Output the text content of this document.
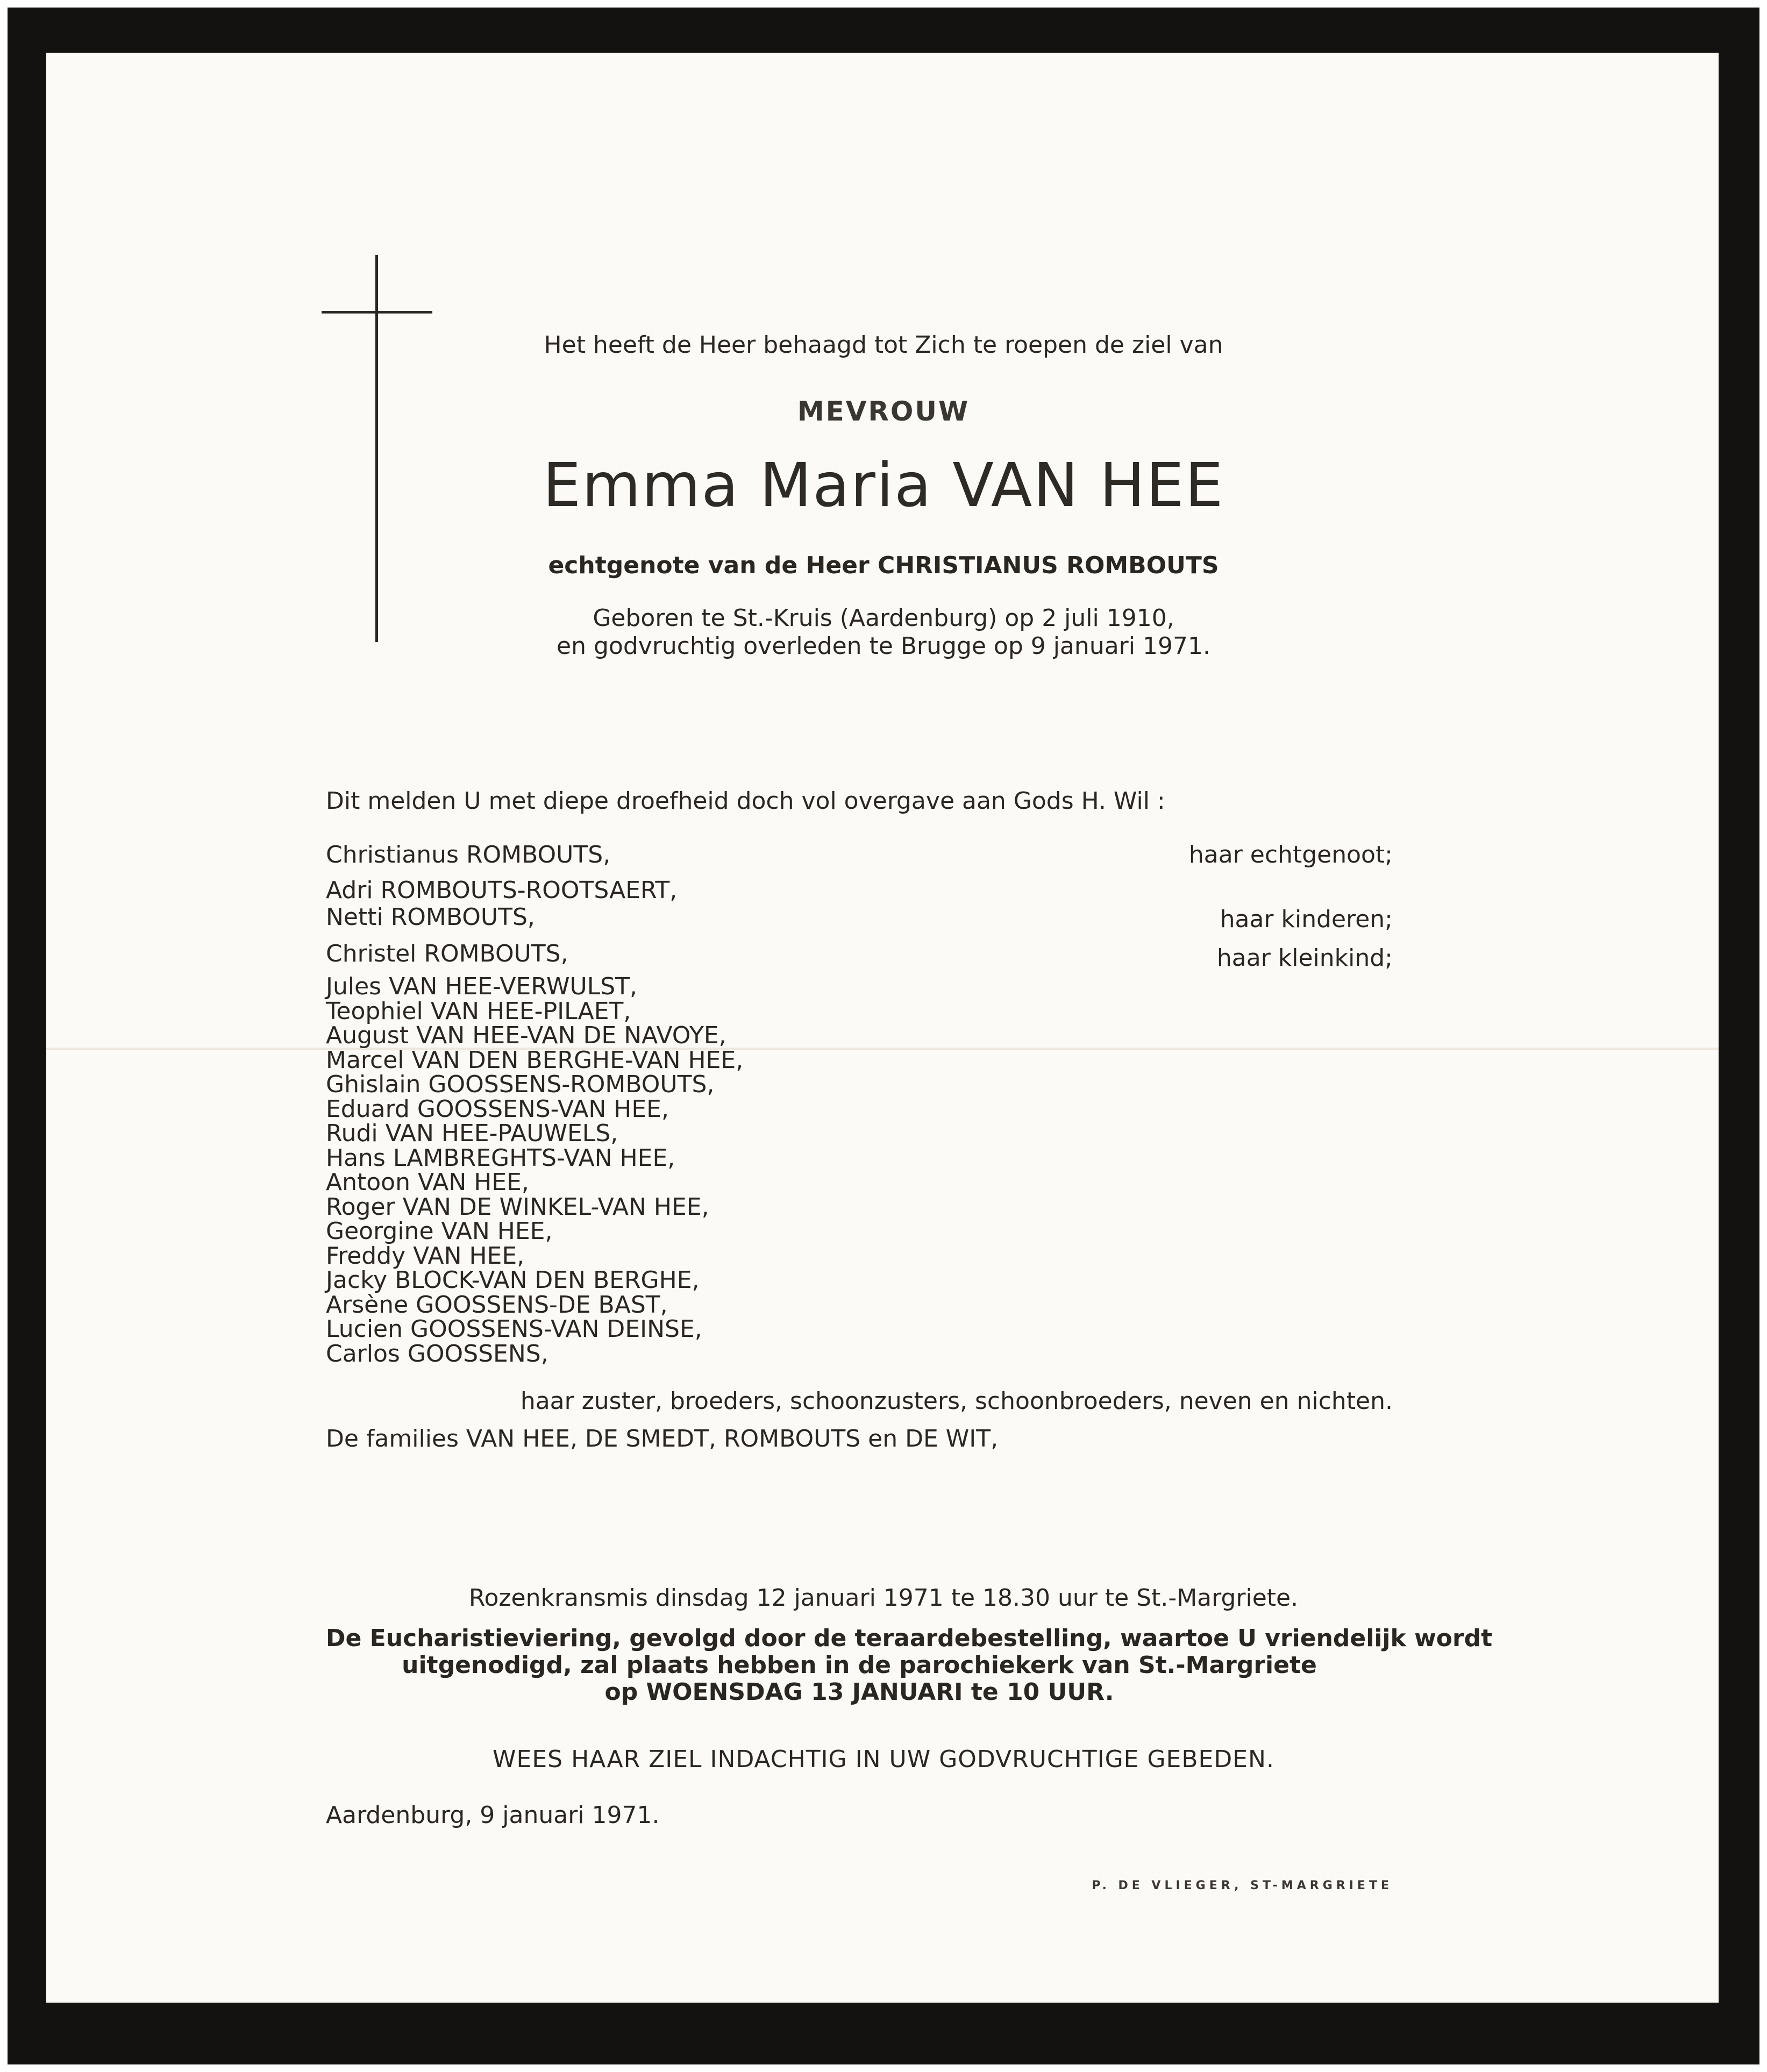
Het heeft de Heer behaagd tot Zich te roepen de ziel van
MEVROUW
Emma Maria VAN HEE
echtgenote van de Heer CHRISTIANUS ROMBOUTS
Geboren te St.-Kruis (Aardenburg) op 2 juli 1910,
en godvruchtig overleden te Brugge op 9 januari 1971.
Dit melden U met diepe droefheid doch vol overgave aan Gods H. Wil :
Christianus ROMBOUTS,	haar echtgenoot;
Adri ROMBOUTS-ROOTSAERT,
Netti ROMBOUTS,	haar kinderen;
Christel ROMBOUTS,	haar kleinkind;
Jules VAN HEE-VERWULST,
Teophiel VAN HEE-PILAET,
August VAN HEE-VAN DE NAVOYE,
Marcel VAN DEN BERGHE-VAN HEE,
Ghislain GOOSSENS-ROMBOUTS,
Eduard GOOSSENS-VAN HEE,
Rudi VAN HEE-PAUWELS,
Hans LAMBREGHTS-VAN HEE,
Antoon VAN HEE,
Roger VAN DE WINKEL-VAN HEE,
Georgine VAN HEE,
Freddy VAN HEE,
Jacky BLOCK-VAN DEN BERGHE,
Arsène GOOSSENS-DE BAST,
Lucien GOOSSENS-VAN DEINSE,
Carlos GOOSSENS,
haar zuster, broeders, schoonzusters, schoonbroeders, neven en nichten.
De families VAN HEE, DE SMEDT, ROMBOUTS en DE WIT,
Rozenkransmis dinsdag 12 januari 1971 te 18.30 uur te St.-Margriete.
De Eucharistieviering, gevolgd door de teraardebestelling, waartoe U vriendelijk wordt
uitgenodigd, zal plaats hebben in de parochiekerk van St.-Margriete
op WOENSDAG 13 JANUARI te 10 UUR.
WEES HAAR ZIEL INDACHTIG IN UW GODVRUCHTIGE GEBEDEN.
Aardenburg, 9 januari 1971.
P. DE VLIEGER, ST-MARGRIETE
